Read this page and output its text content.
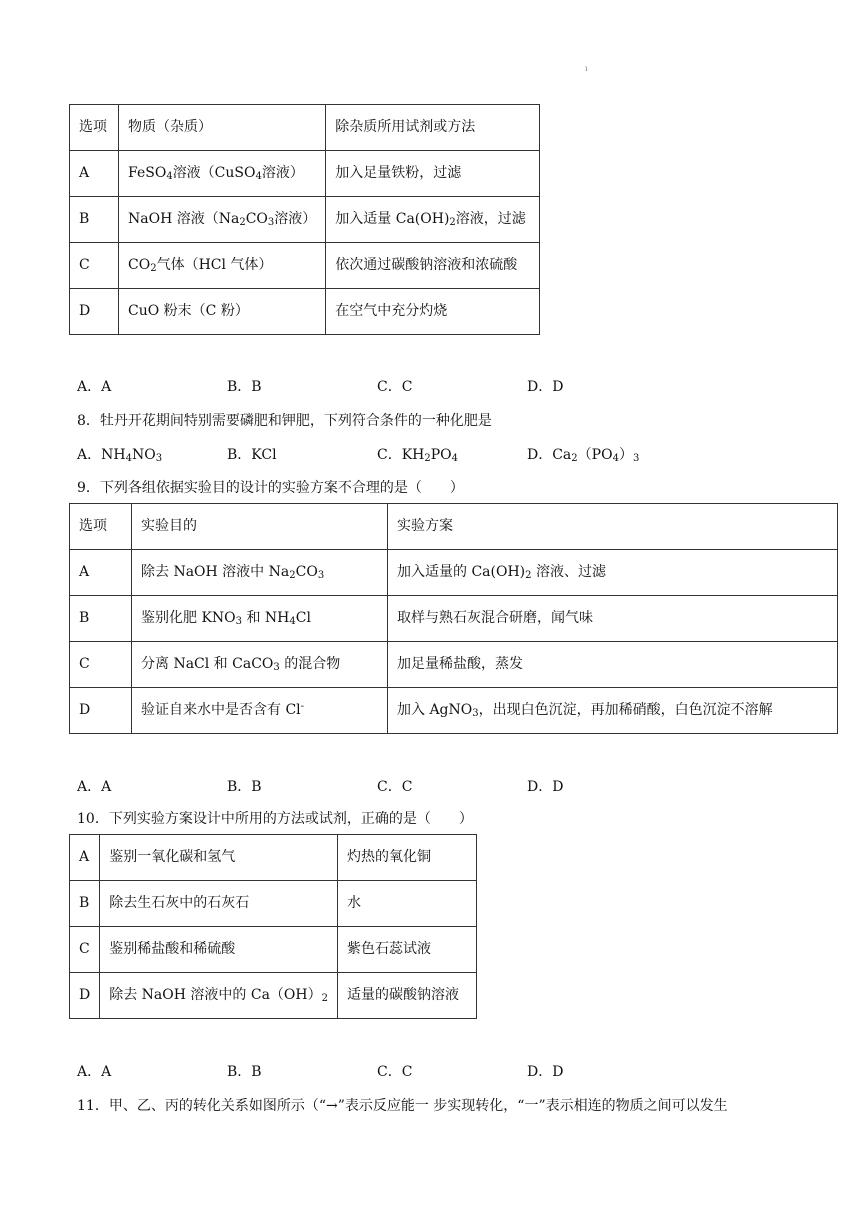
ı
选项	物质（杂质）	除杂质所用试剂或方法
A	FeSO$_4$溶液（CuSO$_4$溶液）	加入足量铁粉，过滤
B	NaOH 溶液（$Na_2CO_3$溶液）	加入适量 $Ca(OH)_2$溶液，过滤
C	$CO_2$气体（HCl 气体）	依次通过碳酸钠溶液和浓硫酸
D	CuO 粉末（C 粉）	在空气中充分灼烧
A．A	B．B	C．C	D．D
8．牡丹开花期间特别需要磷肥和钾肥，下列符合条件的一种化肥是
A．$NH_4NO_3$	B．KCl	C．$KH_2PO_4$	D．$Ca_2(PO_4)_3$
9．下列各组依据实验目的设计的实验方案不合理的是（　　）
选项	实验目的	实验方案
A	除去 NaOH 溶液中 $Na_2CO_3$	加入适量的 $Ca(OH)_2$ 溶液、过滤
B	鉴别化肥 $KNO_3$ 和 $NH_4Cl$	取样与熟石灰混合研磨，闻气味
C	分离 NaCl 和 CaCO$_3$ 的混合物	加足量稀盐酸，蒸发
D	验证自来水中是否含有 Cl-	加入 AgNO$_3$，出现白色沉淀，再加稀硝酸，白色沉淀不溶解
A．A	B．B	C．C	D．D
10．下列实验方案设计中所用的方法或试剂，正确的是（　　）
A	鉴别一氧化碳和氢气	灼热的氧化铜
B	除去生石灰中的石灰石	水
C	鉴别稀盐酸和稀硫酸	紫色石蕊试液
D	除去 NaOH 溶液中的 $Ca(OH)_2$	适量的碳酸钠溶液
A．A	B．B	C．C	D．D
11．甲、乙、丙的转化关系如图所示（“→”表示反应能一 步实现转化，“一”表示相连的物质之间可以发生
